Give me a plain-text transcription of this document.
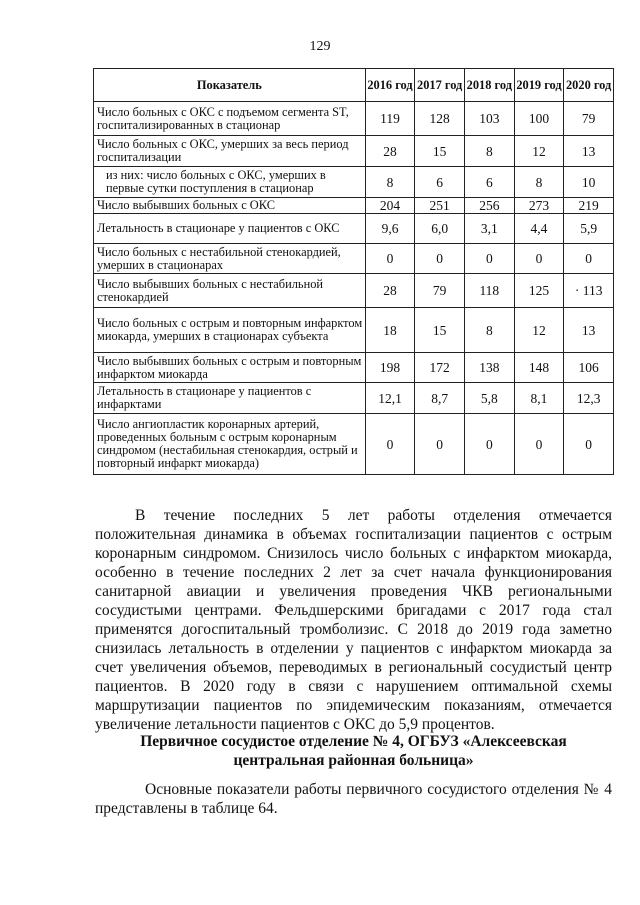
129
Показатель	2016 год	2017 год	2018 год	2019 год	2020 год
Число больных с ОКС с подъемом сегмента ST, госпитализированных в стационар	119	128	103	100	79
Число больных с ОКС, умерших за весь период госпитализации	28	15	8	12	13
из них: число больных с ОКС, умерших в первые сутки поступления в стационар	8	6	6	8	10
Число выбывших больных с ОКС	204	251	256	273	219
Летальность в стационаре у пациентов с ОКС	9,6	6,0	3,1	4,4	5,9
Число больных с нестабильной стенокардией, умерших в стационарах	0	0	0	0	0
Число выбывших больных с нестабильной стенокардией	28	79	118	125	· 113
Число больных с острым и повторным инфарктом миокарда, умерших в стационарах субъекта	18	15	8	12	13
Число выбывших больных с острым и повторным инфарктом миокарда	198	172	138	148	106
Летальность в стационаре у пациентов с инфарктами	12,1	8,7	5,8	8,1	12,3
Число ангиопластик коронарных артерий, проведенных больным с острым коронарным синдромом (нестабильная стенокардия, острый и повторный инфаркт миокарда)	0	0	0	0	0
В течение последних 5 лет работы отделения отмечается положительная динамика в объемах госпитализации пациентов с острым коронарным синдромом. Снизилось число больных с инфарктом миокарда, особенно в течение последних 2 лет за счет начала функционирования санитарной авиации и увеличения проведения ЧКВ региональными сосудистыми центрами. Фельдшерскими бригадами с 2017 года стал применятся догоспитальный тромболизис. С 2018 до 2019 года заметно снизилась летальность в отделении у пациентов с инфарктом миокарда за счет увеличения объемов, переводимых в региональный сосудистый центр пациентов. В 2020 году в связи с нарушением оптимальной схемы маршрутизации пациентов по эпидемическим показаниям, отмечается увеличение летальности пациентов с ОКС до 5,9 процентов.
Первичное сосудистое отделение № 4, ОГБУЗ «Алексеевская центральная районная больница»
Основные показатели работы первичного сосудистого отделения № 4 представлены в таблице 64.
